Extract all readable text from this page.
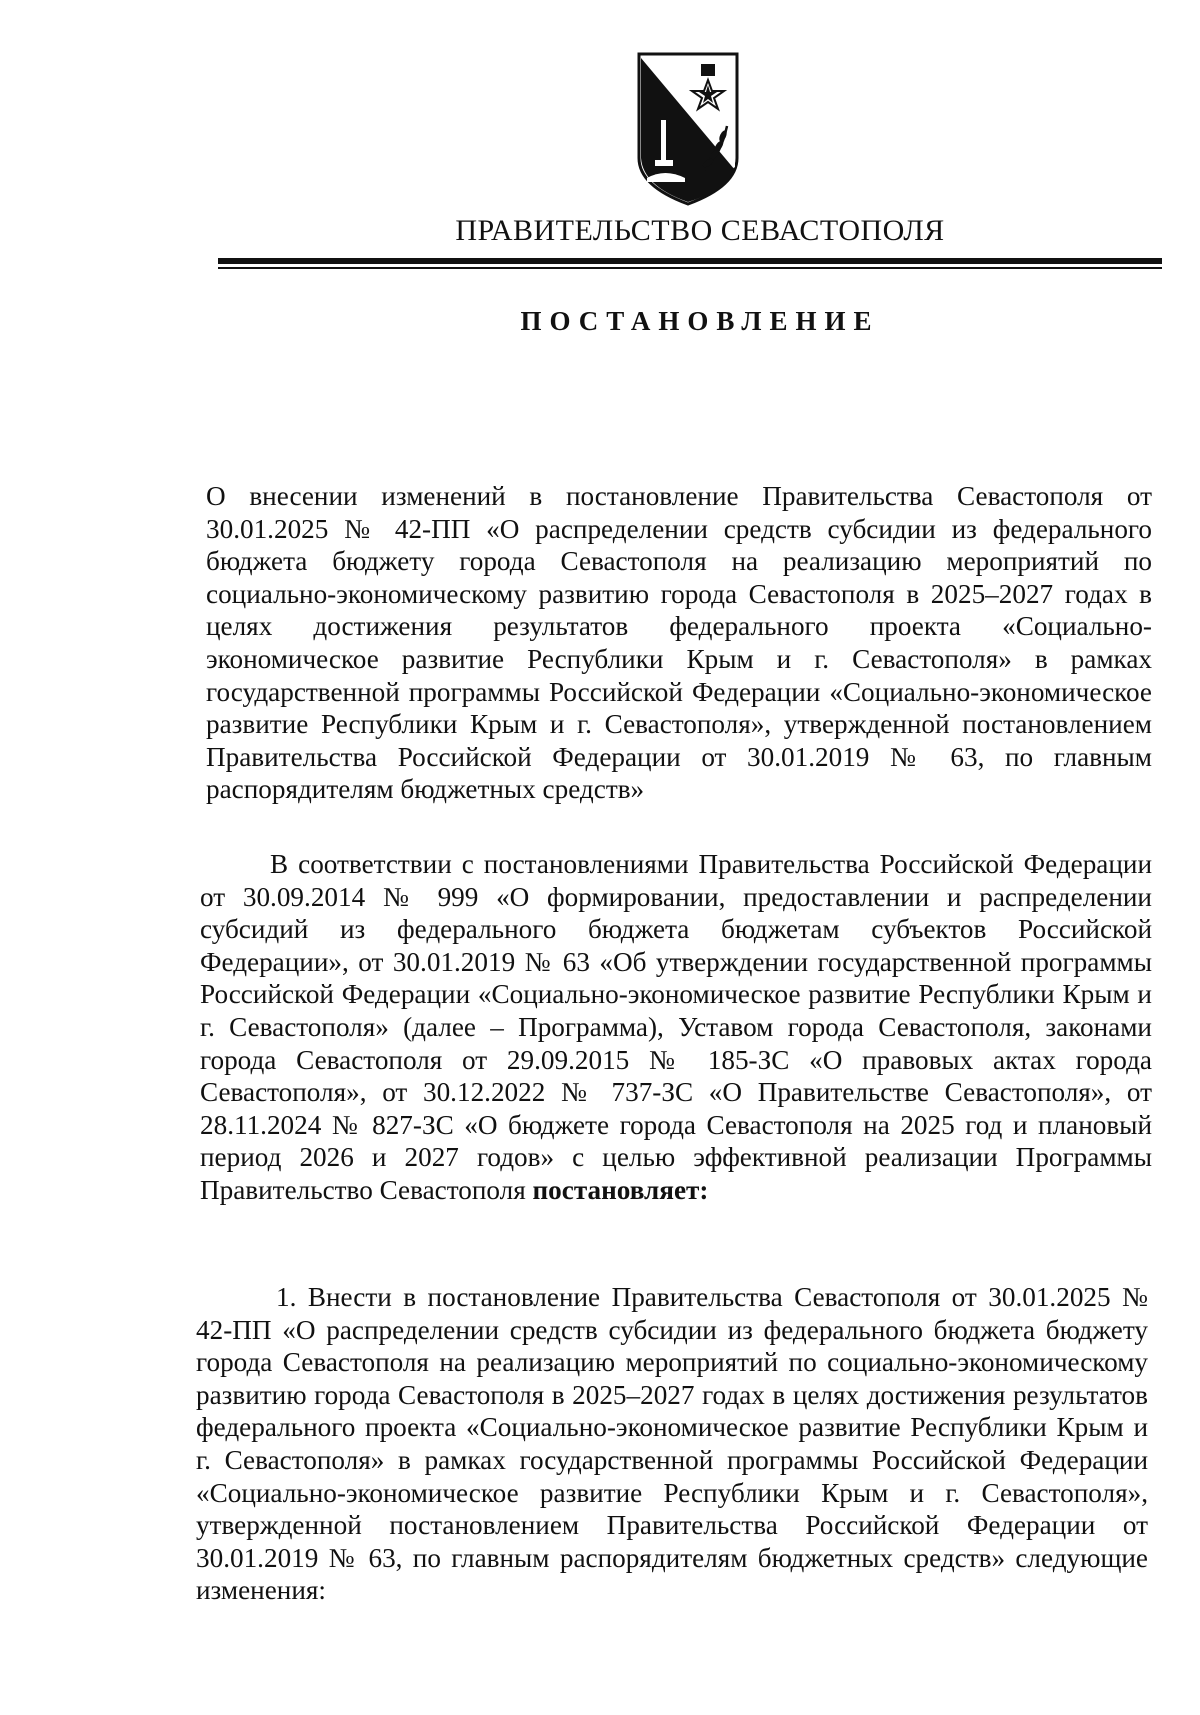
ПРАВИТЕЛЬСТВО СЕВАСТОПОЛЯ
ПОСТАНОВЛЕНИЕ

О внесении изменений в постановление Правительства Севастополя от 30.01.2025 № 42-ПП «О распределении средств субсидии из федерального бюджета бюджету города Севастополя на реализацию мероприятий по социально-экономическому развитию города Севастополя в 2025–2027 годах в целях достижения результатов федерального проекта «Социально-экономическое развитие Республики Крым и г. Севастополя» в рамках государственной программы Российской Федерации «Социально-экономическое развитие Республики Крым и г. Севастополя», утвержденной постановлением Правительства Российской Федерации от 30.01.2019 № 63, по главным распорядителям бюджетных средств»

В соответствии с постановлениями Правительства Российской Федерации от 30.09.2014 № 999 «О формировании, предоставлении и распределении субсидий из федерального бюджета бюджетам субъектов Российской Федерации», от 30.01.2019 № 63 «Об утверждении государственной программы Российской Федерации «Социально-экономическое развитие Республики Крым и г. Севастополя» (далее – Программа), Уставом города Севастополя, законами города Севастополя от 29.09.2015 № 185-ЗС «О правовых актах города Севастополя», от 30.12.2022 № 737-ЗС «О Правительстве Севастополя», от 28.11.2024 № 827-ЗС «О бюджете города Севастополя на 2025 год и плановый период 2026 и 2027 годов» с целью эффективной реализации Программы Правительство Севастополя постановляет:

1. Внести в постановление Правительства Севастополя от 30.01.2025 № 42-ПП «О распределении средств субсидии из федерального бюджета бюджету города Севастополя на реализацию мероприятий по социально-экономическому развитию города Севастополя в 2025–2027 годах в целях достижения результатов федерального проекта «Социально-экономическое развитие Республики Крым и г. Севастополя» в рамках государственной программы Российской Федерации «Социально-экономическое развитие Республики Крым и г. Севастополя», утвержденной постановлением Правительства Российской Федерации от 30.01.2019 № 63, по главным распорядителям бюджетных средств» следующие изменения:
